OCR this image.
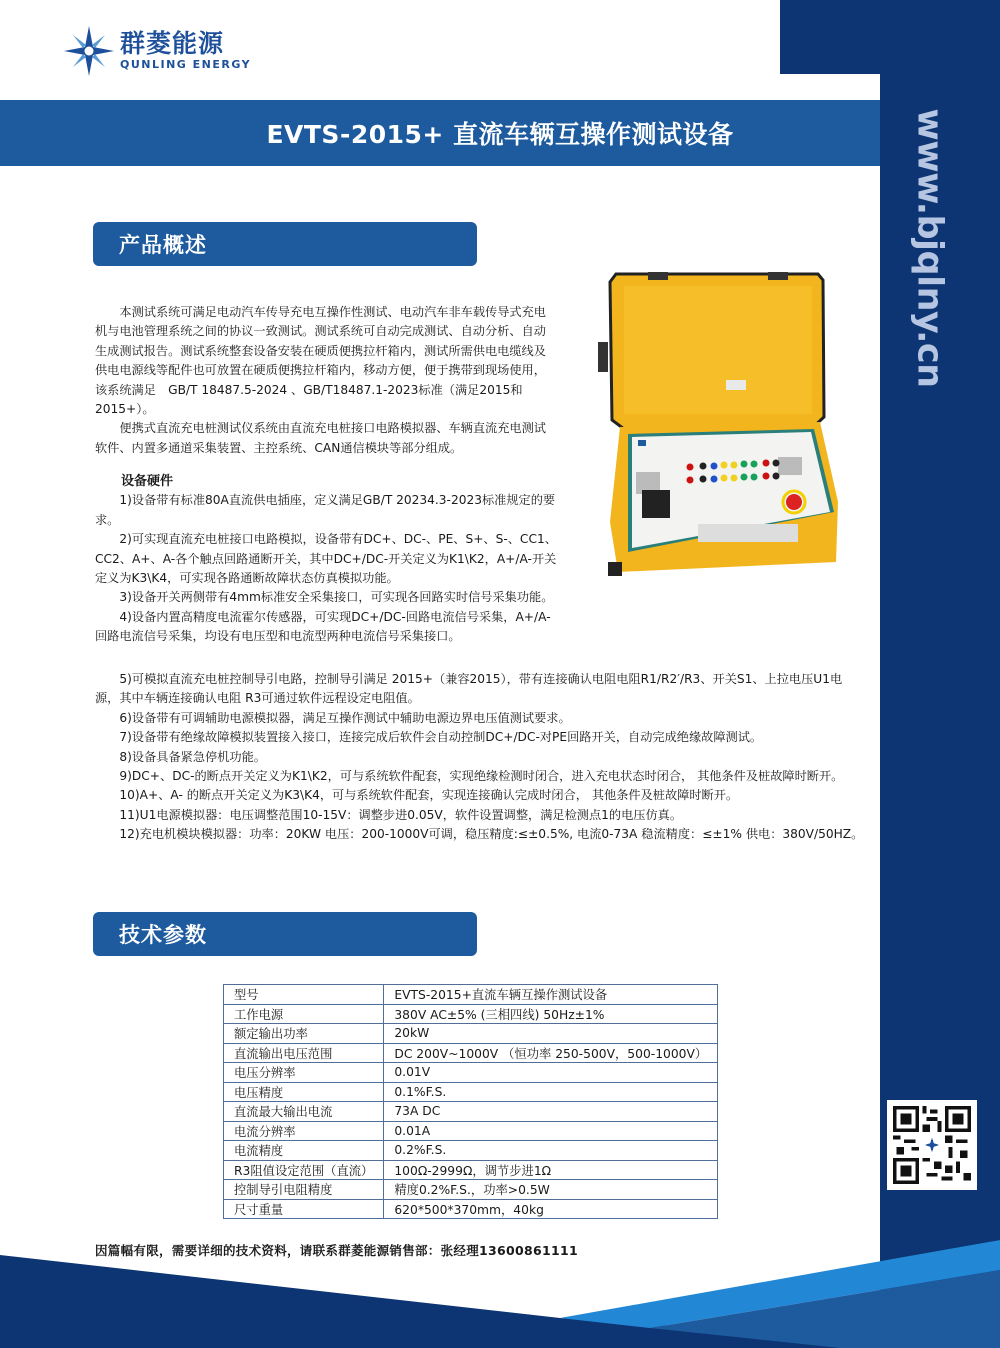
群菱能源
QUNLING ENERGY
EVTS-2015+ 直流车辆互操作测试设备	www.bjqlny.cn
产品概述

本测试系统可满足电动汽车传导充电互操作性测试、电动汽车非车载传导式充电机与电池管理系统之间的协议一致测试。测试系统可自动完成测试、自动分析、自动生成测试报告。测试系统整套设备安装在硬质便携拉杆箱内，测试所需供电电缆线及供电电源线等配件也可放置在硬质便携拉杆箱内，移动方便，便于携带到现场使用，该系统满足　GB/T 18487.5-2024 、GB/T18487.1-2023标准（满足2015和2015+）。

便携式直流充电桩测试仪系统由直流充电桩接口电路模拟器、车辆直流充电测试软件、内置多通道采集装置、主控系统、CAN通信模块等部分组成。

设备硬件

1)设备带有标准80A直流供电插座，定义满足GB/T 20234.3-2023标准规定的要求。

2)可实现直流充电桩接口电路模拟，设备带有DC+、DC-、PE、S+、S-、CC1、CC2、A+、A-各个触点回路通断开关，其中DC+/DC-开关定义为K1\K2，A+/A-开关定义为K3\K4，可实现各路通断故障状态仿真模拟功能。

3)设备开关两侧带有4mm标准安全采集接口，可实现各回路实时信号采集功能。

4)设备内置高精度电流霍尔传感器，可实现DC+/DC-回路电流信号采集，A+/A-回路电流信号采集，均设有电压型和电流型两种电流信号采集接口。

5)可模拟直流充电桩控制导引电路，控制导引满足 2015+（兼容2015），带有连接确认电阻电阻R1/R2′/R3、开关S1、上拉电压U1电源，其中车辆连接确认电阻 R3可通过软件远程设定电阻值。

6)设备带有可调辅助电源模拟器，满足互操作测试中辅助电源边界电压值测试要求。

7)设备带有绝缘故障模拟装置接入接口，连接完成后软件会自动控制DC+/DC-对PE回路开关，自动完成绝缘故障测试。

8)设备具备紧急停机功能。

9)DC+、DC-的断点开关定义为K1\K2，可与系统软件配套，实现绝缘检测时闭合，进入充电状态时闭合， 其他条件及桩故障时断开。

10)A+、A- 的断点开关定义为K3\K4，可与系统软件配套，实现连接确认完成时闭合， 其他条件及桩故障时断开。

11)U1电源模拟器：电压调整范围10-15V：调整步进0.05V，软件设置调整，满足检测点1的电压仿真。

12)充电机模块模拟器：功率：20KW 电压：200-1000V可调，稳压精度:≤±0.5%, 电流0-73A 稳流精度：≤±1% 供电：380V/50HZ。

技术参数
型号	EVTS-2015+直流车辆互操作测试设备
工作电源	380V AC±5% (三相四线) 50Hz±1%
额定输出功率	20kW
直流输出电压范围	DC 200V~1000V （恒功率 250-500V，500-1000V）
电压分辨率	0.01V
电压精度	0.1%F.S.
直流最大输出电流	73A DC
电流分辨率	0.01A
电流精度	0.2%F.S.
R3阻值设定范围（直流）	100Ω-2999Ω，调节步进1Ω
控制导引电阻精度	精度0.2%F.S.，功率>0.5W
尺寸重量	620*500*370mm，40kg
因篇幅有限，需要详细的技术资料，请联系群菱能源销售部：张经理13600861111
